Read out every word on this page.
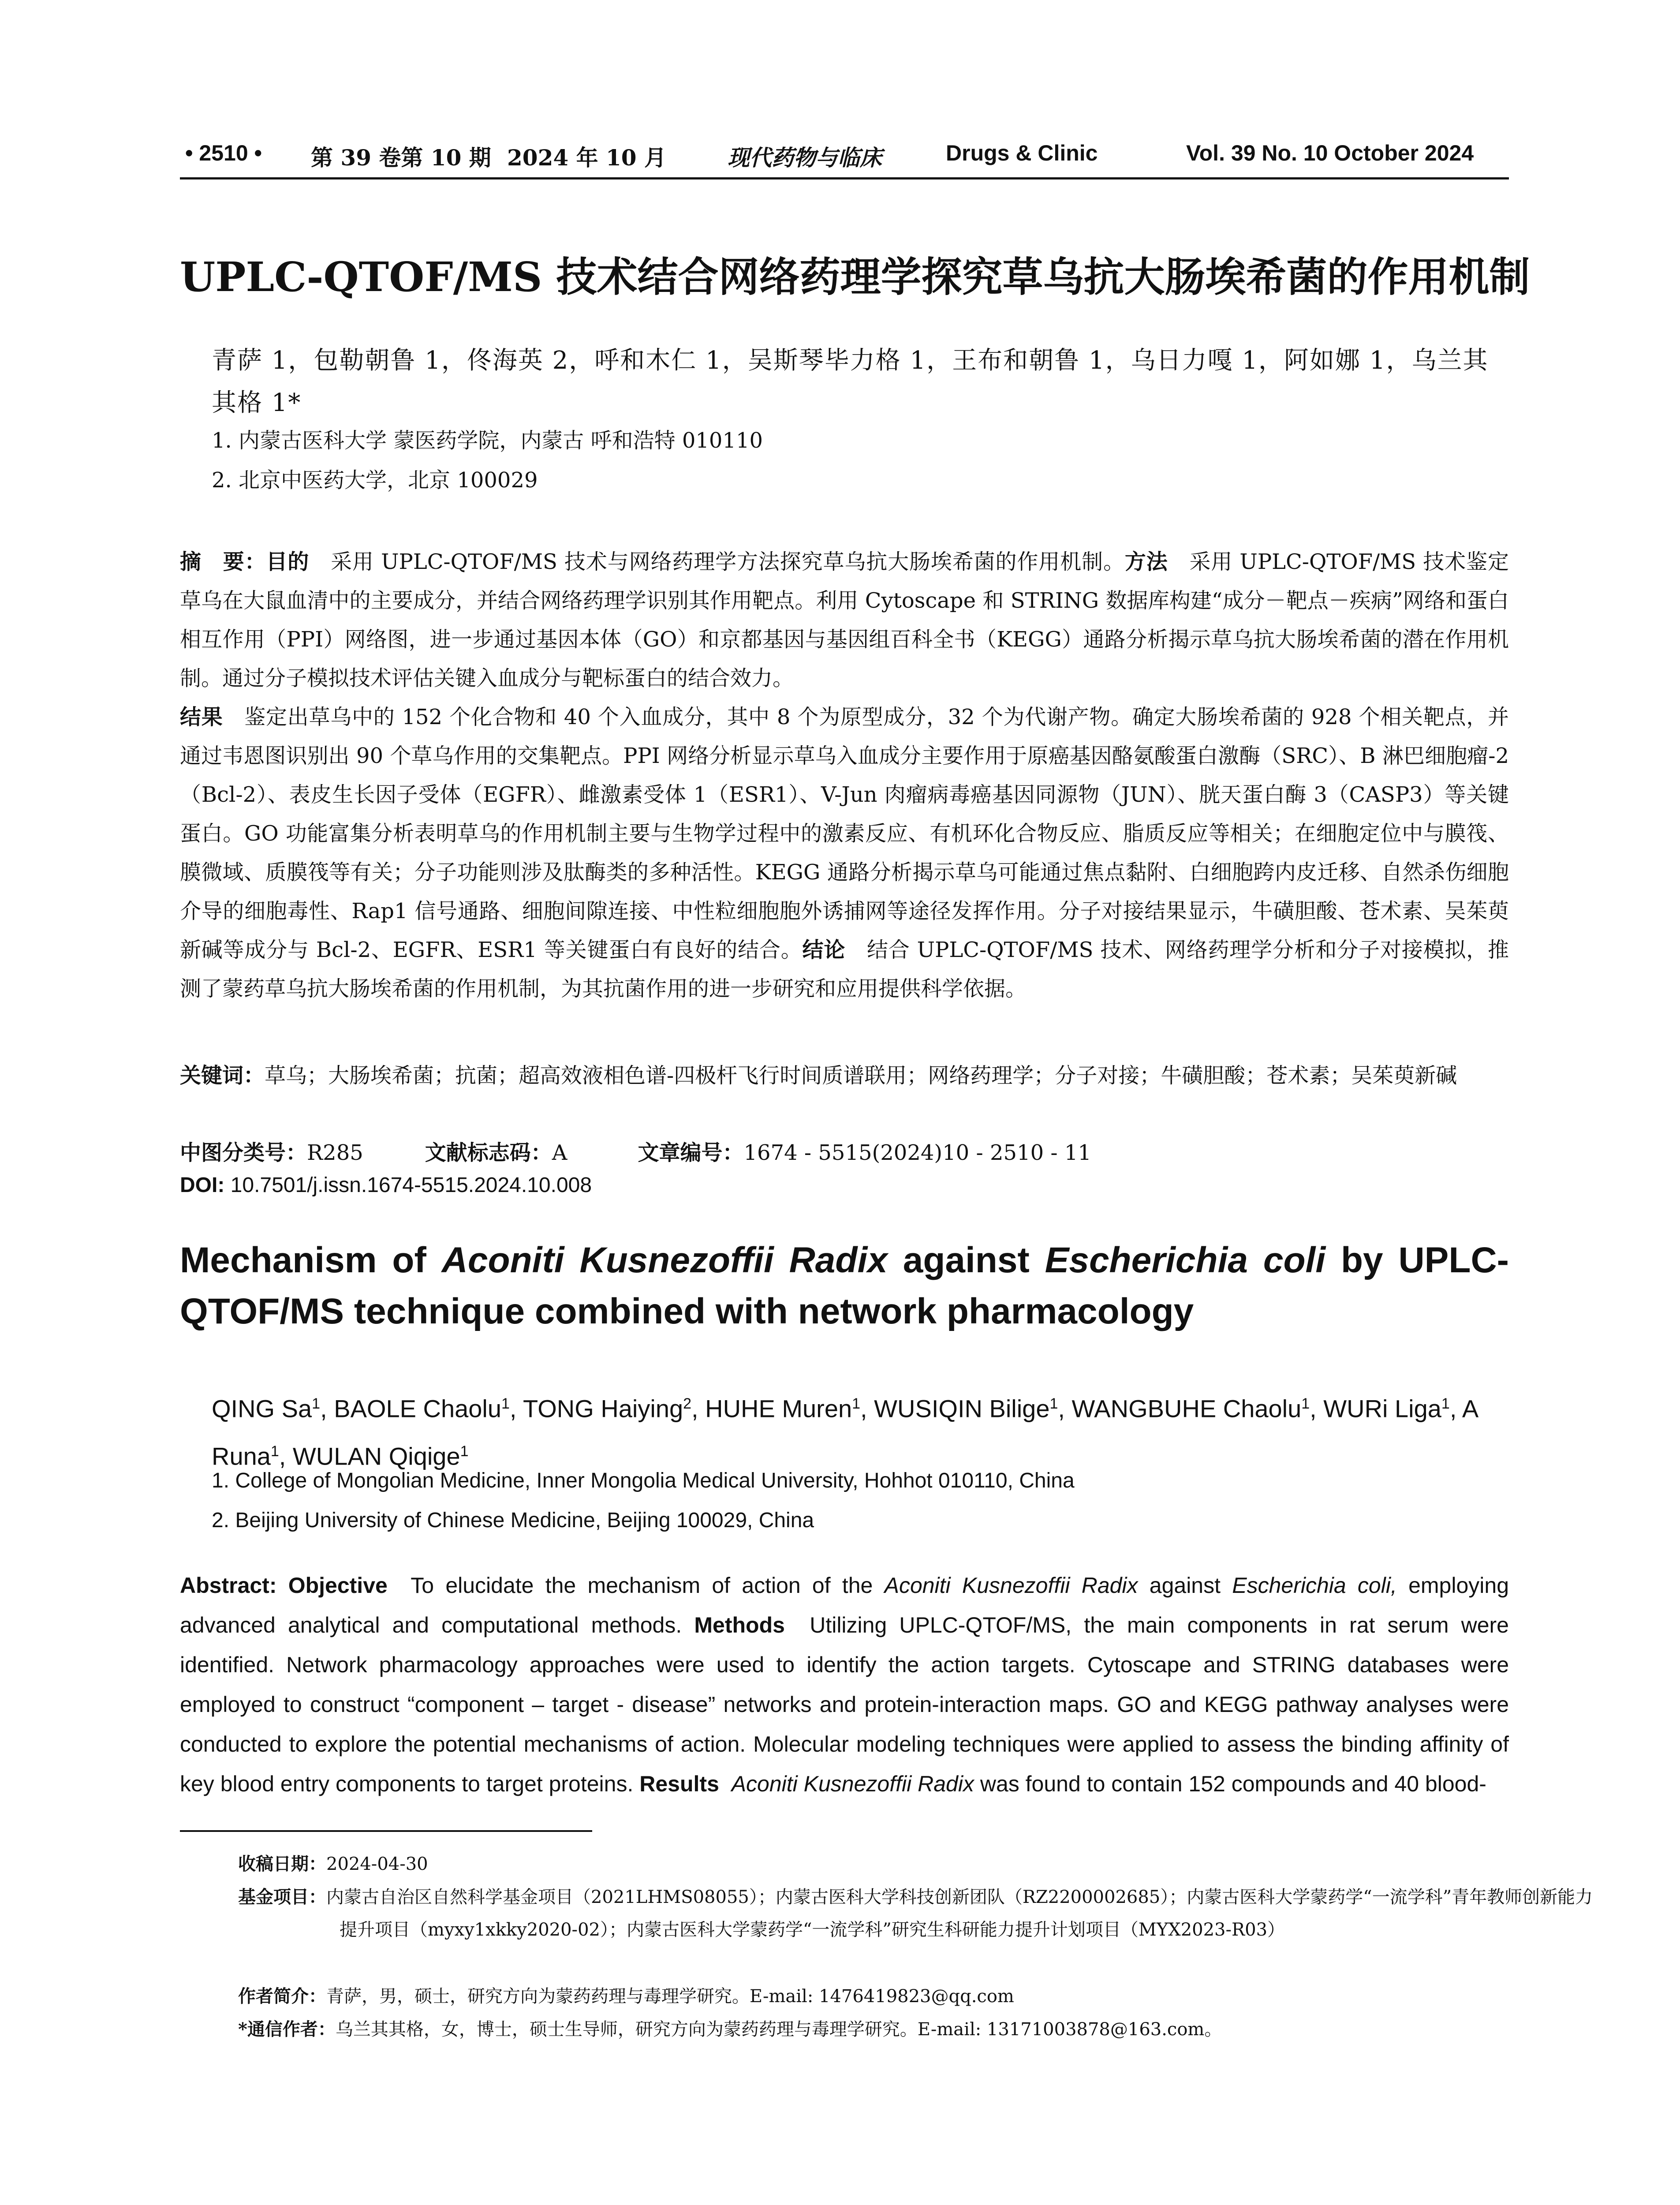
• 2510 • 第 39 卷第 10 期 2024 年 10 月	现代药物与临床	Drugs & Clinic	Vol. 39 No. 10 October 2024
UPLC-QTOF/MS 技术结合网络药理学探究草乌抗大肠埃希菌的作用机制
青萨 1，包勒朝鲁 1，佟海英 2，呼和木仁 1，吴斯琴毕力格 1，王布和朝鲁 1，乌日力嘎 1，阿如娜 1，乌兰其其格 1*
1. 内蒙古医科大学 蒙医药学院，内蒙古 呼和浩特 010110
2. 北京中医药大学，北京 100029
摘　要：目的　 采用 UPLC-QTOF/MS 技术与网络药理学方法探究草乌抗大肠埃希菌的作用机制。方法　 采用 UPLC-QTOF/MS 技术鉴定草乌在大鼠血清中的主要成分，并结合网络药理学识别其作用靶点。利用 Cytoscape 和 STRING 数据库构建“成分－靶点－疾病”网络和蛋白相互作用（PPI）网络图，进一步通过基因本体（GO）和京都基因与基因组百科全书（KEGG）通路分析揭示草乌抗大肠埃希菌的潜在作用机制。通过分子模拟技术评估关键入血成分与靶标蛋白的结合效力。
结果　 鉴定出草乌中的 152 个化合物和 40 个入血成分，其中 8 个为原型成分，32 个为代谢产物。确定大肠埃希菌的 928 个相关靶点，并通过韦恩图识别出 90 个草乌作用的交集靶点。PPI 网络分析显示草乌入血成分主要作用于原癌基因酪氨酸蛋白激酶（SRC）、B 淋巴细胞瘤-2（Bcl-2）、表皮生长因子受体（EGFR）、雌激素受体 1（ESR1）、V-Jun 肉瘤病毒癌基因同源物（JUN）、胱天蛋白酶 3（CASP3）等关键蛋白。GO 功能富集分析表明草乌的作用机制主要与生物学过程中的激素反应、有机环化合物反应、脂质反应等相关；在细胞定位中与膜筏、膜微域、质膜筏等有关；分子功能则涉及肽酶类的多种活性。KEGG 通路分析揭示草乌可能通过焦点黏附、白细胞跨内皮迁移、自然杀伤细胞介导的细胞毒性、Rap1 信号通路、细胞间隙连接、中性粒细胞胞外诱捕网等途径发挥作用。分子对接结果显示，牛磺胆酸、苍术素、吴茱萸新碱等成分与 Bcl-2、EGFR、ESR1 等关键蛋白有良好的结合。结论　 结合 UPLC-QTOF/MS 技术、网络药理学分析和分子对接模拟，推测了蒙药草乌抗大肠埃希菌的作用机制，为其抗菌作用的进一步研究和应用提供科学依据。
关键词：草乌；大肠埃希菌；抗菌；超高效液相色谱-四极杆飞行时间质谱联用；网络药理学；分子对接；牛磺胆酸；苍术素；吴茱萸新碱
中图分类号：R285	文献标志码：A	文章编号：1674 - 5515(2024)10 - 2510 - 11
DOI: 10.7501/j.issn.1674-5515.2024.10.008
Mechanism of Aconiti Kusnezoffii Radix against Escherichia coli by UPLC-QTOF/MS technique combined with network pharmacology
QING Sa$^1$, BAOLE Chaolu$^1$, TONG Haiying$^2$, HUHE Muren$^1$, WUSIQIN Bilige$^1$, WANGBUHE Chaolu$^1$, WURi Liga$^1$, A Runa$^1$, WULAN Qiqige$^1$
1. College of Mongolian Medicine, Inner Mongolia Medical University, Hohhot 010110, China
2. Beijing University of Chinese Medicine, Beijing 100029, China
Abstract: Objective To elucidate the mechanism of action of the Aconiti Kusnezoffii Radix against Escherichia coli, employing advanced analytical and computational methods. Methods Utilizing UPLC-QTOF/MS, the main components in rat serum were identified. Network pharmacology approaches were used to identify the action targets. Cytoscape and STRING databases were employed to construct “component – target - disease” networks and protein-interaction maps. GO and KEGG pathway analyses were conducted to explore the potential mechanisms of action. Molecular modeling techniques were applied to assess the binding affinity of key blood entry components to target proteins. Results Aconiti Kusnezoffii Radix was found to contain 152 compounds and 40 blood-
收稿日期：2024-04-30
基金项目：内蒙古自治区自然科学基金项目（2021LHMS08055）；内蒙古医科大学科技创新团队（RZ2200002685）；内蒙古医科大学蒙药学“一流学科”青年教师创新能力提升项目（myxy1xkky2020-02）；内蒙古医科大学蒙药学“一流学科”研究生科研能力提升计划项目（MYX2023-R03）
作者简介：青萨，男，硕士，研究方向为蒙药药理与毒理学研究。E-mail: 1476419823@qq.com
*通信作者：乌兰其其格，女，博士，硕士生导师，研究方向为蒙药药理与毒理学研究。E-mail: 13171003878@163.com。
